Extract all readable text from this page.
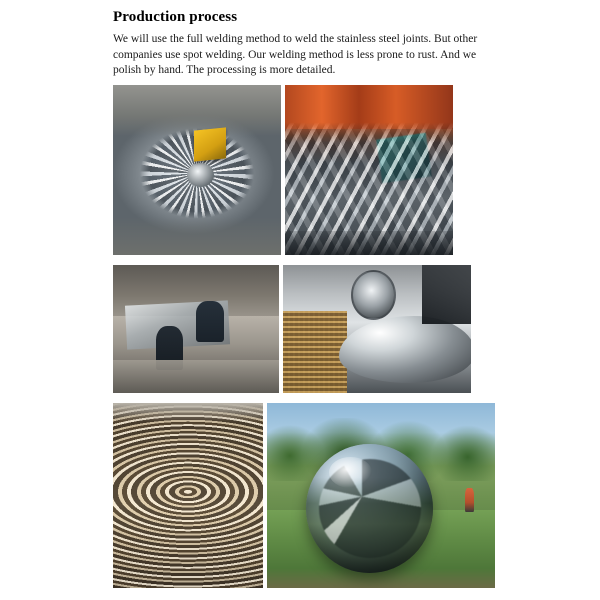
Production process

We will use the full welding method to weld the stainless steel joints. But other companies use spot welding. Our welding method is less prone to rust. And we polish by hand. The processing is more detailed.
